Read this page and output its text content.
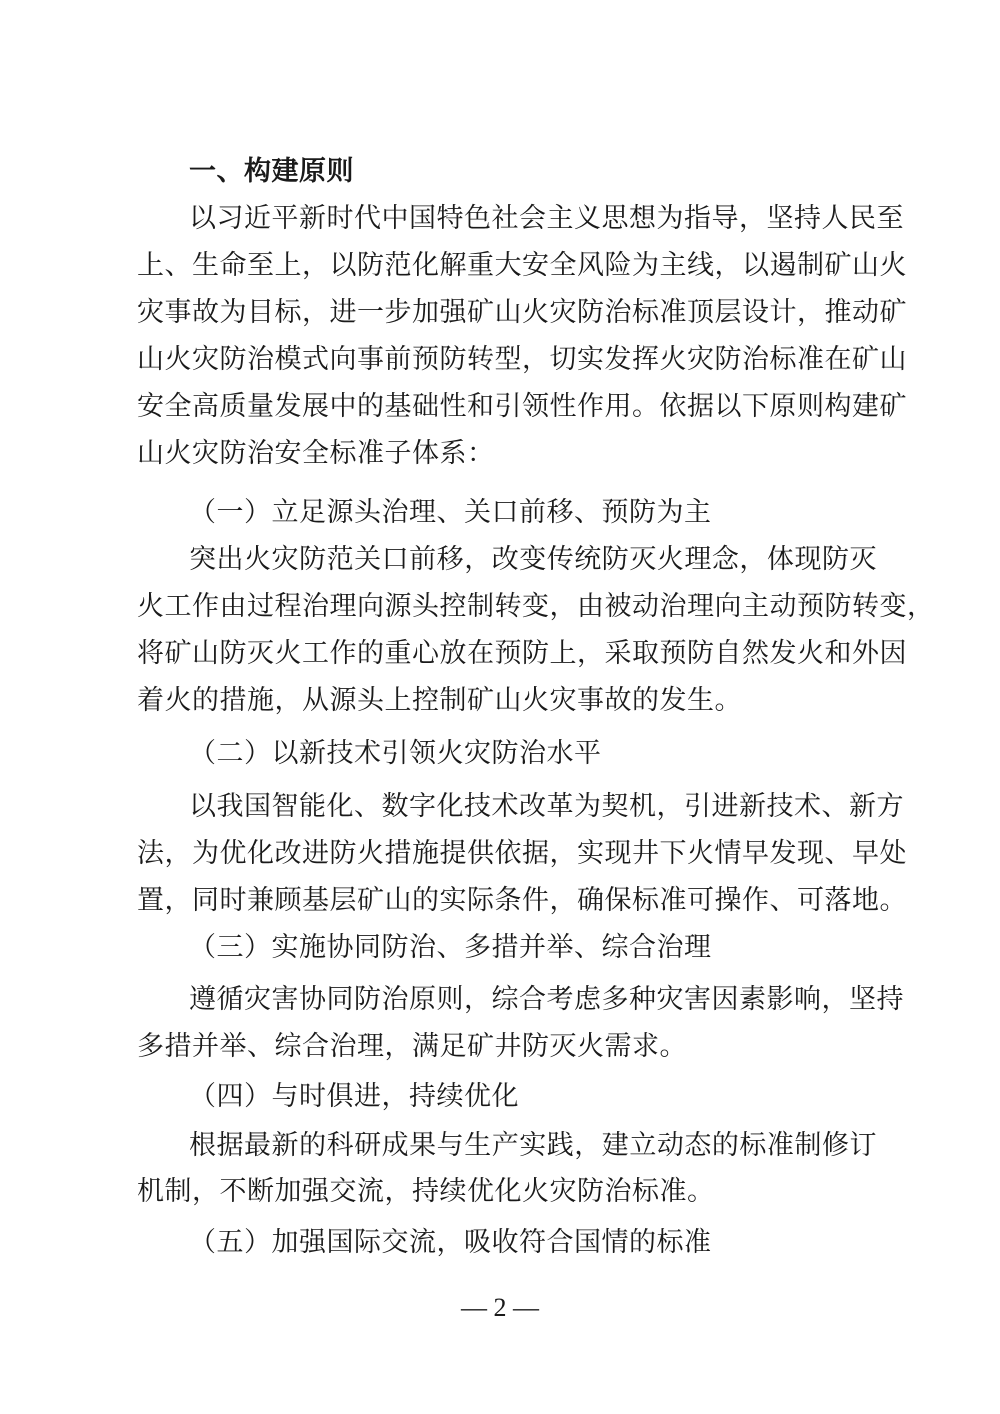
一、构建原则
以习近平新时代中国特色社会主义思想为指导，坚持人民至
上、生命至上，以防范化解重大安全风险为主线，以遏制矿山火
灾事故为目标，进一步加强矿山火灾防治标准顶层设计，推动矿
山火灾防治模式向事前预防转型，切实发挥火灾防治标准在矿山
安全高质量发展中的基础性和引领性作用。依据以下原则构建矿
山火灾防治安全标准子体系：
（一）立足源头治理、关口前移、预防为主
突出火灾防范关口前移，改变传统防灭火理念，体现防灭
火工作由过程治理向源头控制转变，由被动治理向主动预防转变，
将矿山防灭火工作的重心放在预防上，采取预防自然发火和外因
着火的措施，从源头上控制矿山火灾事故的发生。
（二）以新技术引领火灾防治水平
以我国智能化、数字化技术改革为契机，引进新技术、新方
法，为优化改进防火措施提供依据，实现井下火情早发现、早处
置，同时兼顾基层矿山的实际条件，确保标准可操作、可落地。
（三）实施协同防治、多措并举、综合治理
遵循灾害协同防治原则，综合考虑多种灾害因素影响，坚持
多措并举、综合治理，满足矿井防灭火需求。
（四）与时俱进，持续优化
根据最新的科研成果与生产实践，建立动态的标准制修订
机制，不断加强交流，持续优化火灾防治标准。
（五）加强国际交流，吸收符合国情的标准
— 2 —
